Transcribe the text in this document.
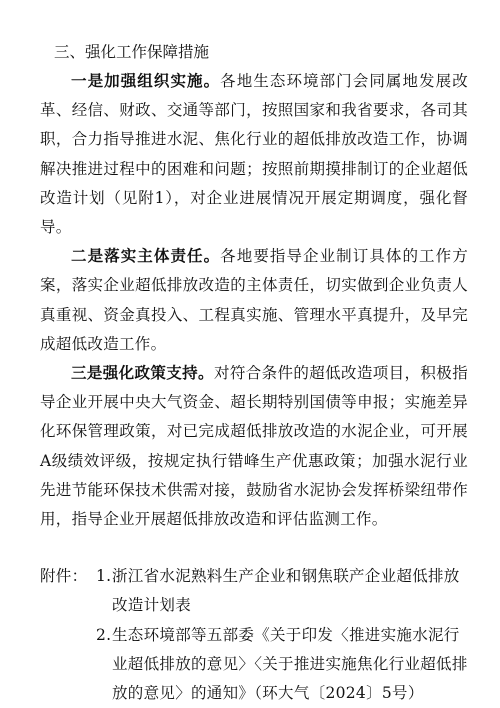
三、强化工作保障措施

一是加强组织实施。各地生态环境部门会同属地发展改革、经信、财政、交通等部门，按照国家和我省要求，各司其职，合力指导推进水泥、焦化行业的超低排放改造工作，协调解决推进过程中的困难和问题；按照前期摸排制订的企业超低改造计划（见附1），对企业进展情况开展定期调度，强化督导。

二是落实主体责任。各地要指导企业制订具体的工作方案，落实企业超低排放改造的主体责任，切实做到企业负责人真重视、资金真投入、工程真实施、管理水平真提升，及早完成超低改造工作。

三是强化政策支持。对符合条件的超低改造项目，积极指导企业开展中央大气资金、超长期特别国债等申报；实施差异化环保管理政策，对已完成超低排放改造的水泥企业，可开展A级绩效评级，按规定执行错峰生产优惠政策；加强水泥行业先进节能环保技术供需对接，鼓励省水泥协会发挥桥梁纽带作用，指导企业开展超低排放改造和评估监测工作。

附件： 1. 浙江省水泥熟料生产企业和钢焦联产企业超低排放改造计划表
2. 生态环境部等五部委《关于印发〈推进实施水泥行业超低排放的意见〉〈关于推进实施焦化行业超低排放的意见〉的通知》（环大气〔2024〕5号）
